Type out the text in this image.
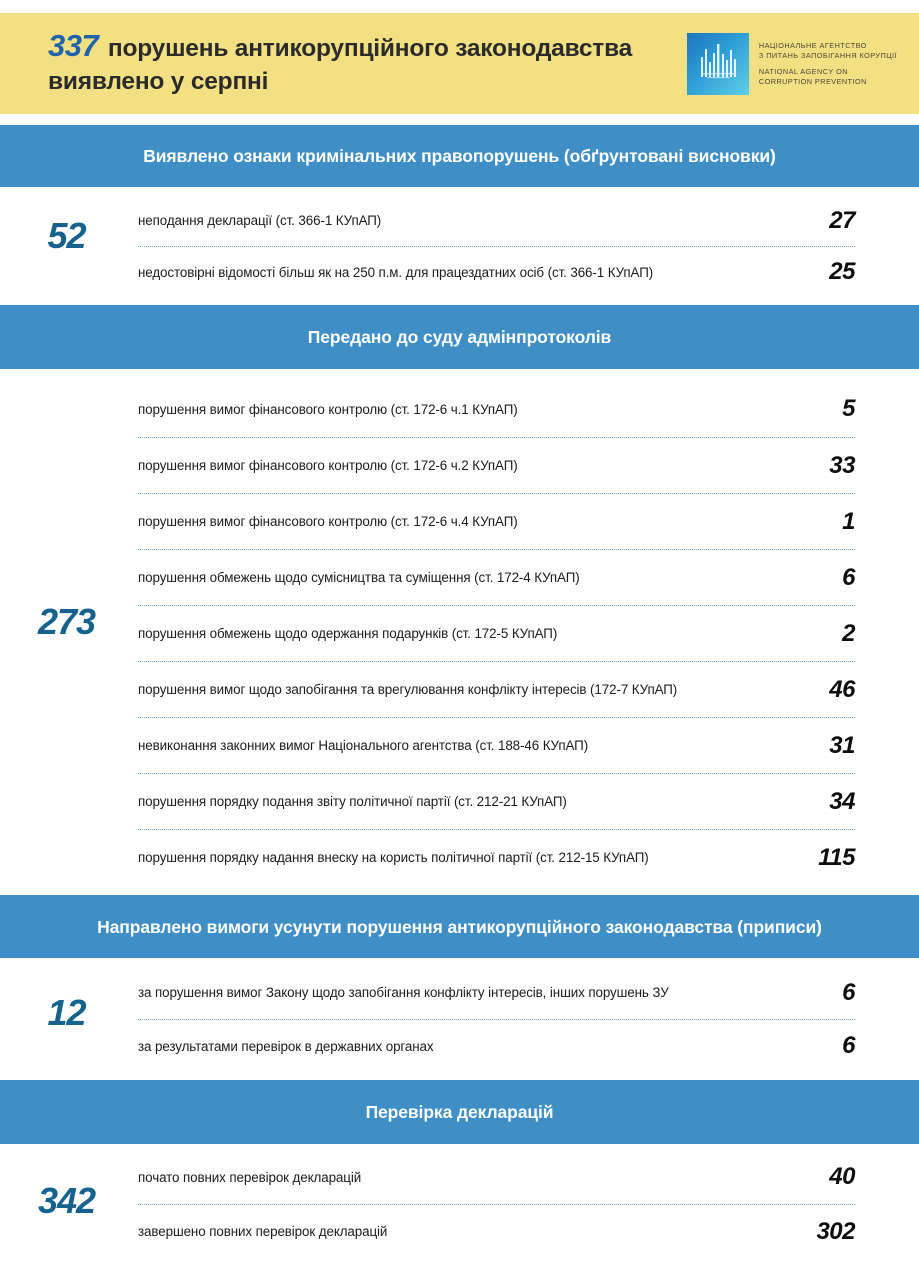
337 порушень антикорупційного законодавства виявлено у серпні
НАЦІОНАЛЬНЕ АГЕНТСТВО
З ПИТАНЬ ЗАПОБІГАННЯ КОРУПЦІЇ
NATIONAL AGENCY ON
CORRUPTION PREVENTION
Виявлено ознаки кримінальних правопорушень (обґрунтовані висновки)
52	неподання декларації (ст. 366-1 КУпАП)	27
недостовірні відомості більш як на 250 п.м. для працездатних осіб (ст. 366-1 КУпАП)	25
Передано до суду адмінпротоколів
273
порушення вимог фінансового контролю (ст. 172-6 ч.1 КУпАП)	5
порушення вимог фінансового контролю (ст. 172-6 ч.2 КУпАП)	33
порушення вимог фінансового контролю (ст. 172-6 ч.4 КУпАП)	1
порушення обмежень щодо сумісництва та суміщення (ст. 172-4 КУпАП)	6
порушення обмежень щодо одержання подарунків (ст. 172-5 КУпАП)	2
порушення вимог щодо запобігання та врегулювання конфлікту інтересів (172-7 КУпАП)	46
невиконання законних вимог Національного агентства (ст. 188-46 КУпАП)	31
порушення порядку подання звіту політичної партії (ст. 212-21 КУпАП)	34
порушення порядку надання внеску на користь політичної партії (ст. 212-15 КУпАП)	115
Направлено вимоги усунути порушення антикорупційного законодавства (приписи)
12	за порушення вимог Закону щодо запобігання конфлікту інтересів, інших порушень ЗУ	6
за результатами перевірок в державних органах	6
Перевірка декларацій
342
почато повних перевірок декларацій	40
завершено повних перевірок декларацій	302
